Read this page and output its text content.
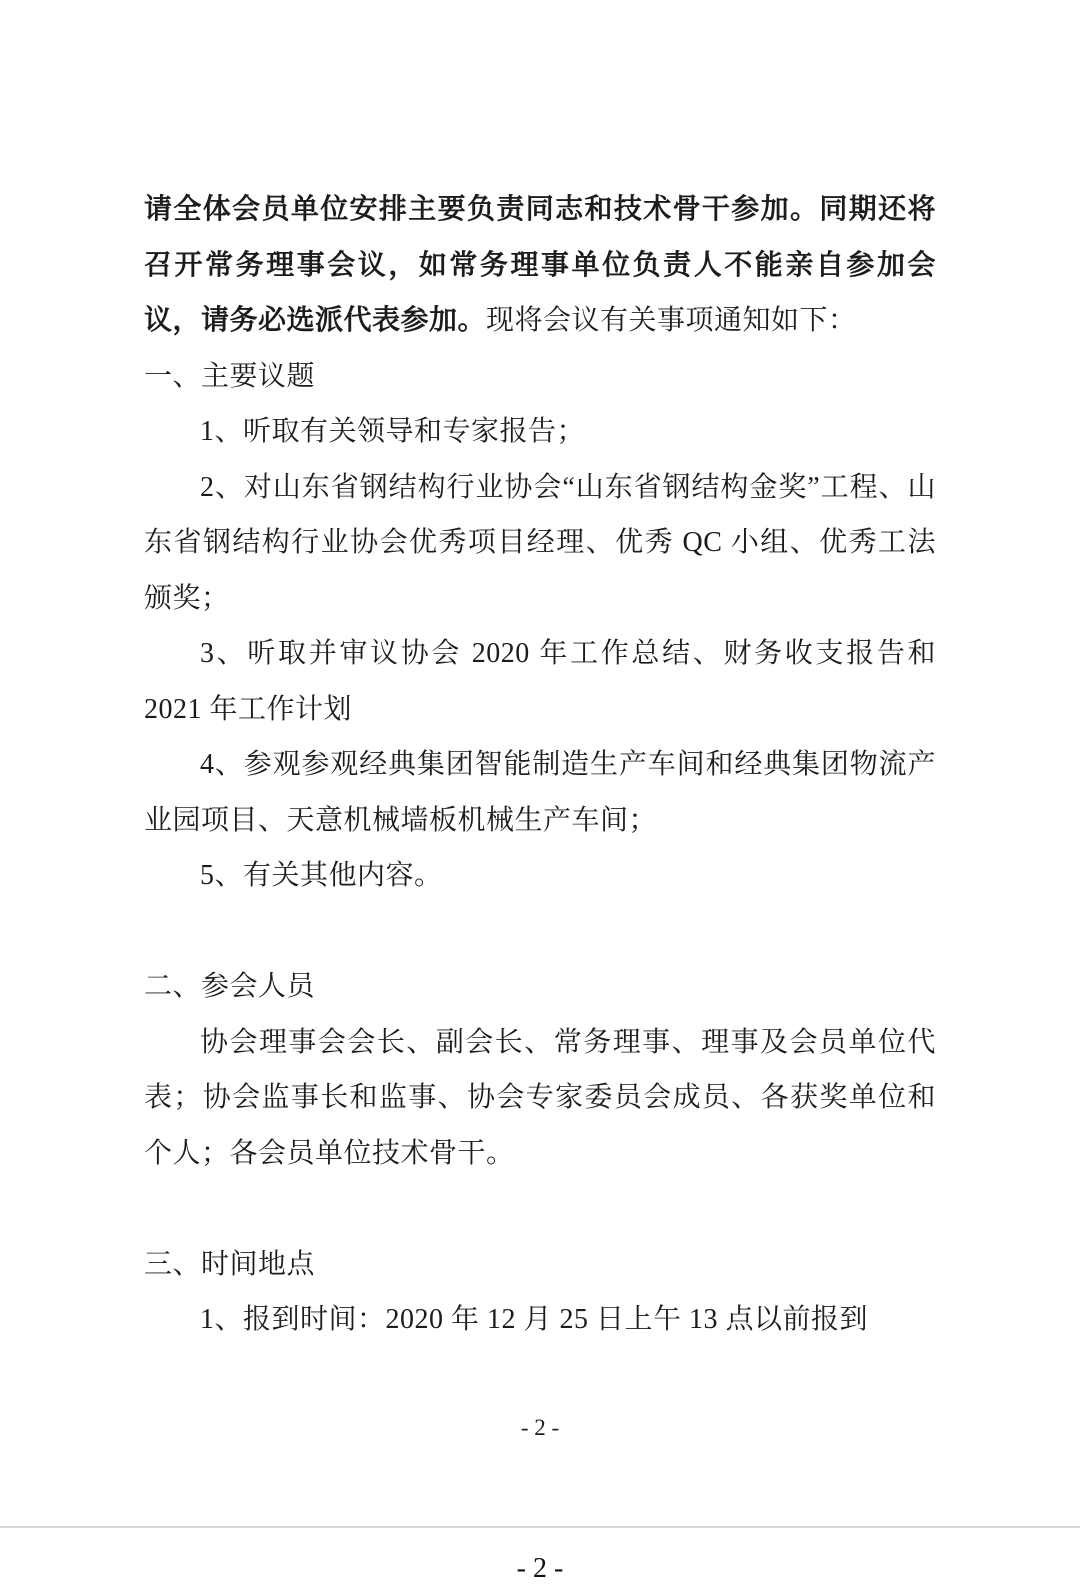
请全体会员单位安排主要负责同志和技术骨干参加。同期还将召开常务理事会议，如常务理事单位负责人不能亲自参加会议，请务必选派代表参加。现将会议有关事项通知如下：

一、主要议题

1、听取有关领导和专家报告；

2、对山东省钢结构行业协会“山东省钢结构金奖”工程、山东省钢结构行业协会优秀项目经理、优秀 QC 小组、优秀工法颁奖；

3、听取并审议协会 2020 年工作总结、财务收支报告和 2021 年工作计划

4、参观参观经典集团智能制造生产车间和经典集团物流产业园项目、天意机械墙板机械生产车间；

5、有关其他内容。

二、参会人员

协会理事会会长、副会长、常务理事、理事及会员单位代表；协会监事长和监事、协会专家委员会成员、各获奖单位和个人；各会员单位技术骨干。

三、时间地点

1、报到时间：2020 年 12 月 25 日上午 13 点以前报到

- 2 -
- 2 -
